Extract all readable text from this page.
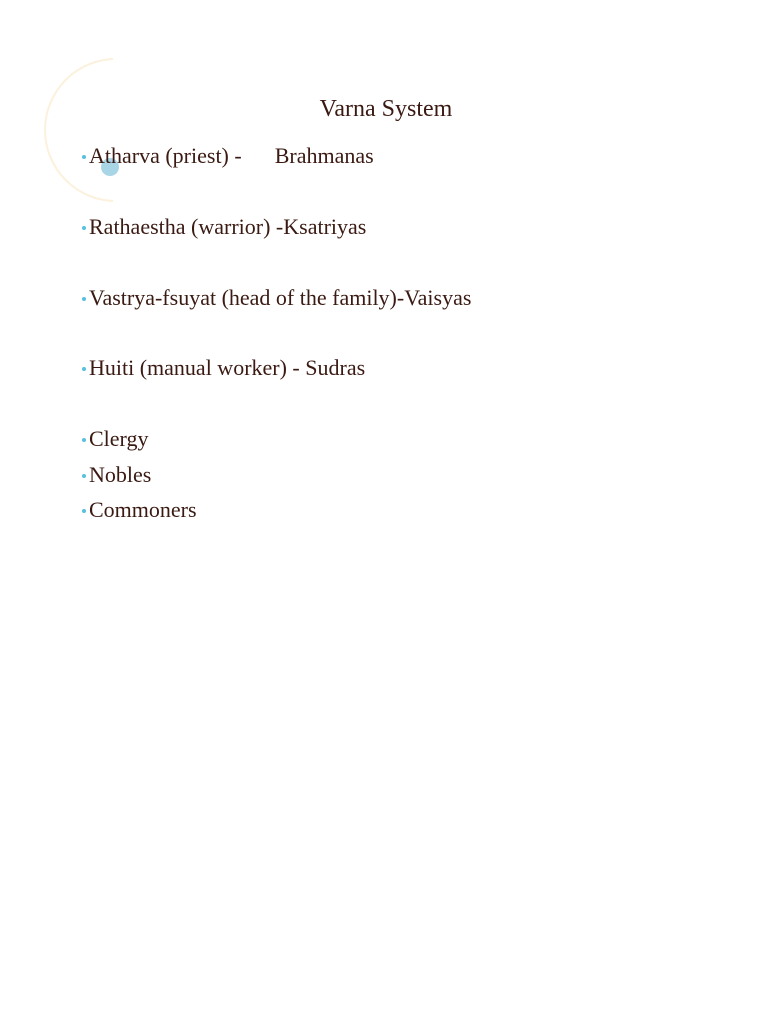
Varna System
Atharva (priest) -      Brahmanas
Rathaestha (warrior) -Ksatriyas
Vastrya-fsuyat (head of the family)-Vaisyas
Huiti (manual worker) - Sudras
Clergy
Nobles
Commoners
